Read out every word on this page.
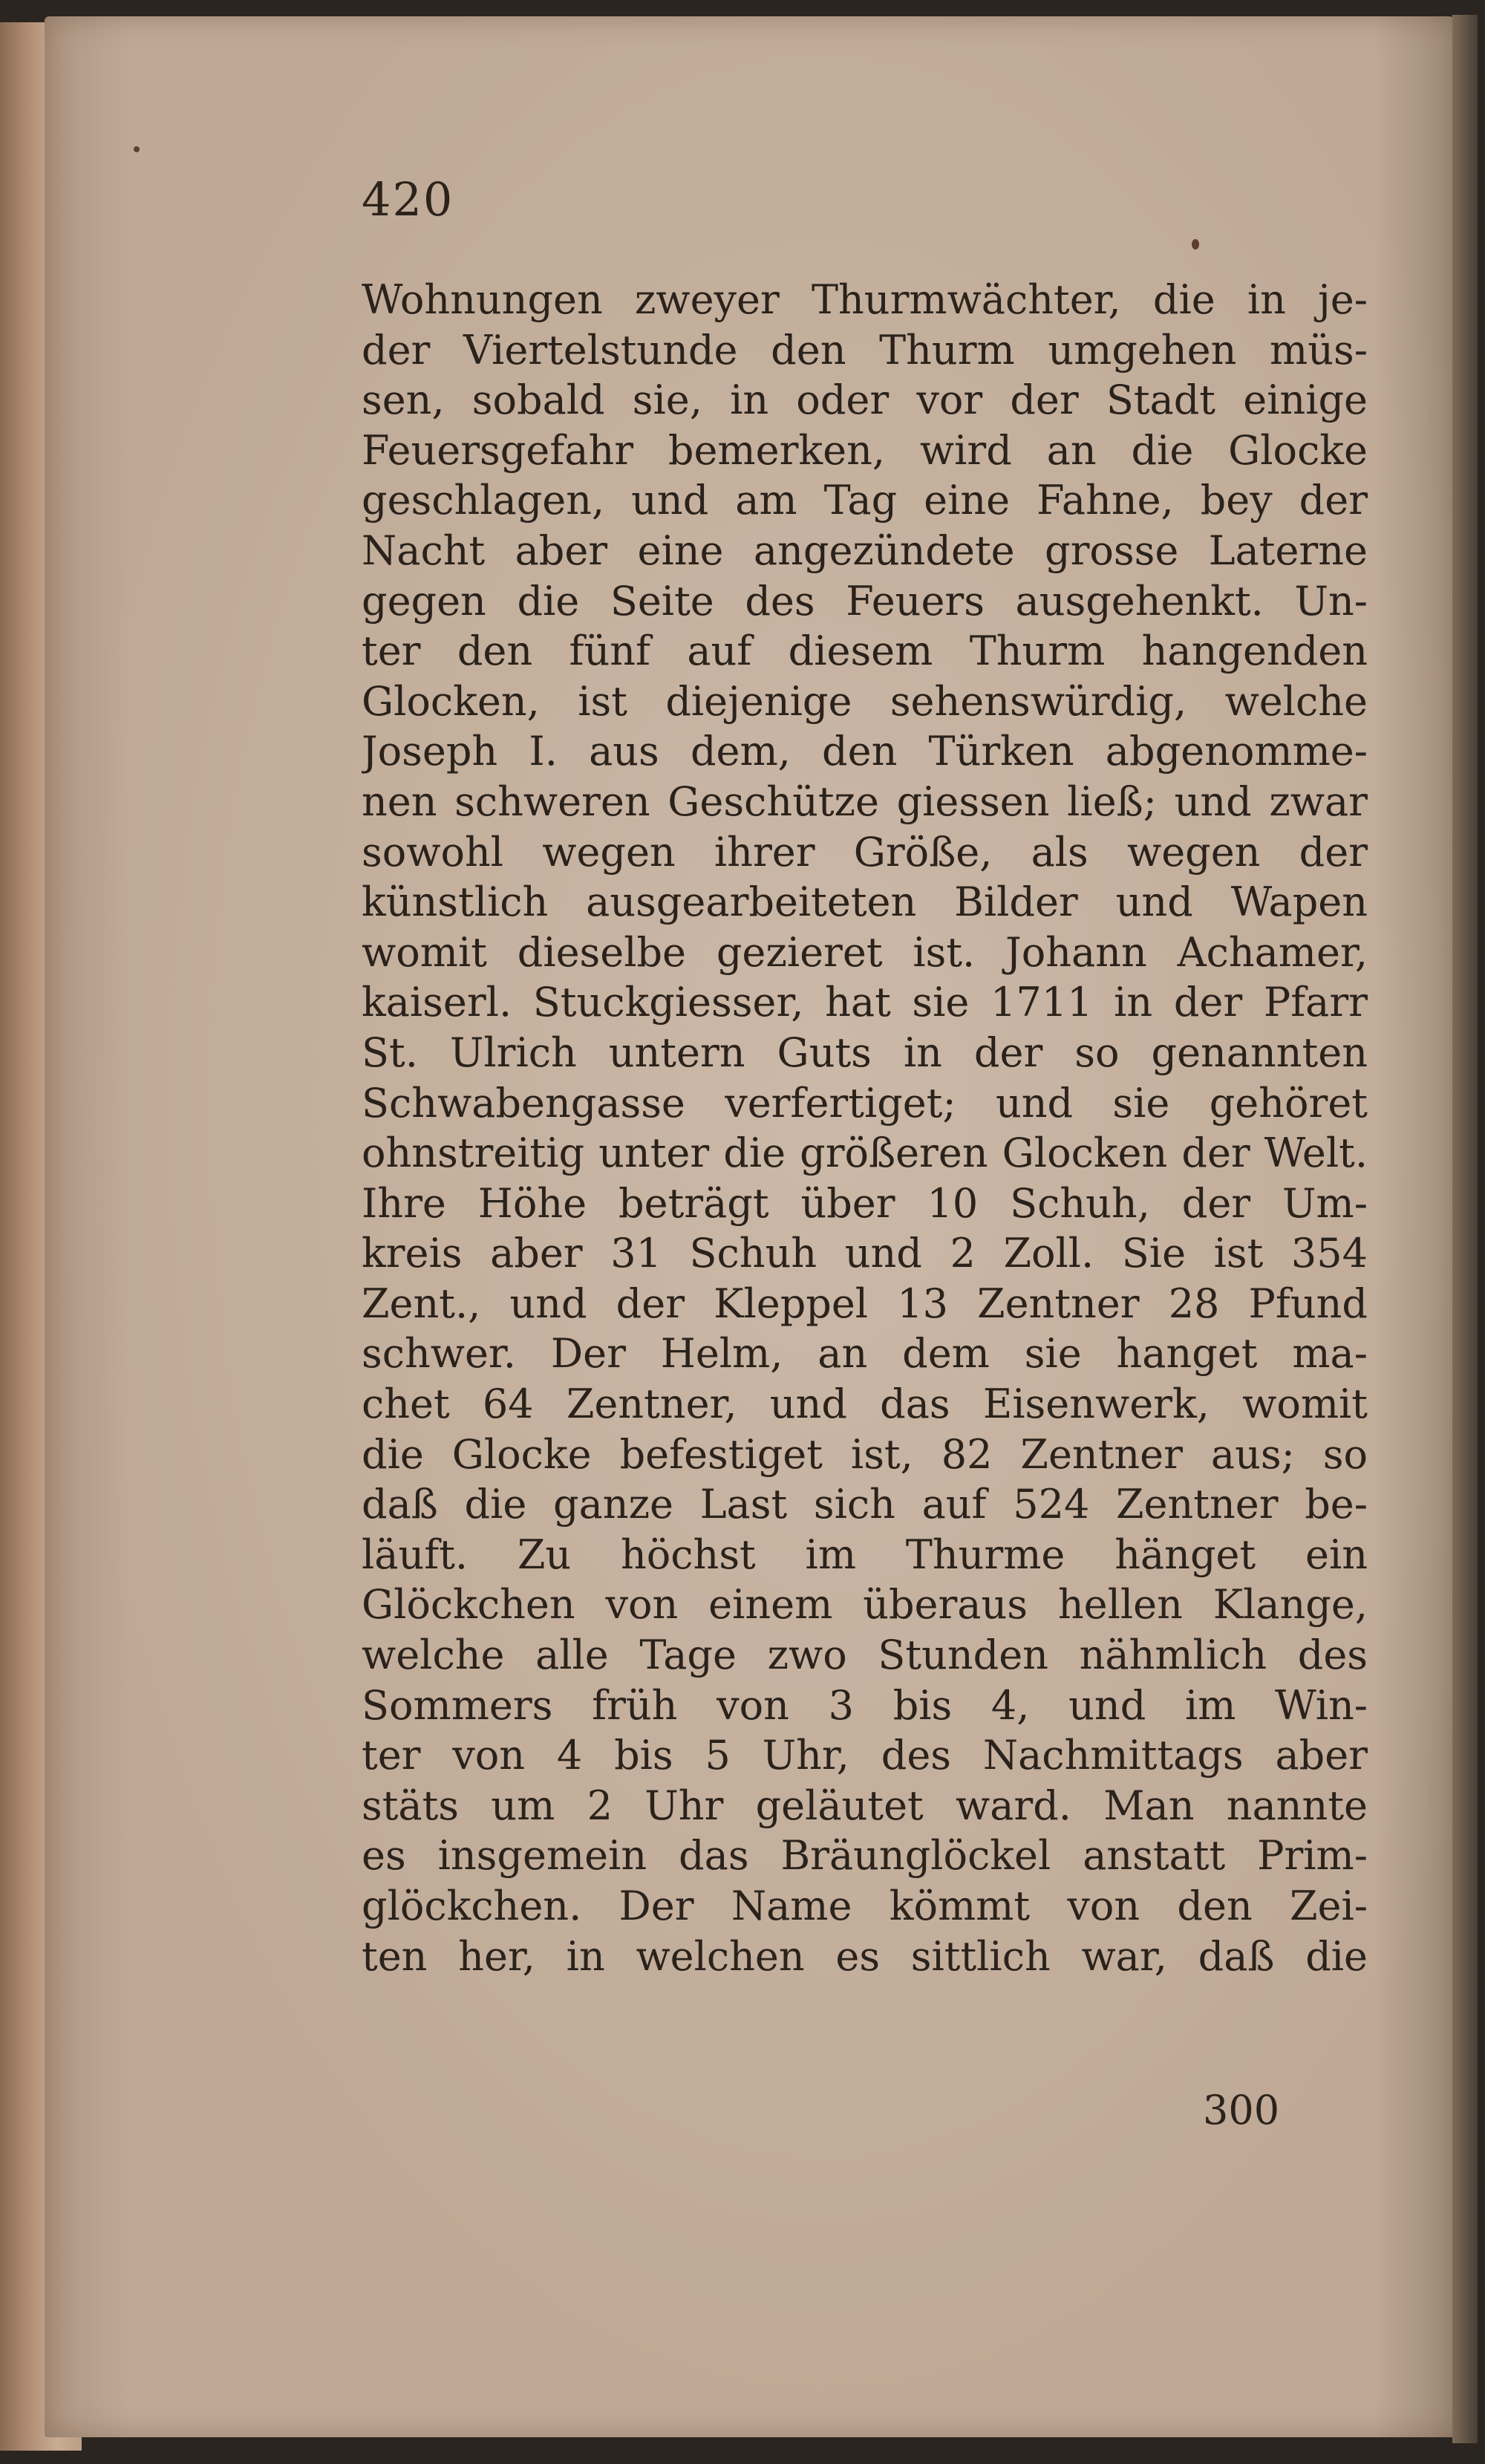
420
Wohnungen zweyer Thurmwächter, die in je-
der Viertelstunde den Thurm umgehen müs-
sen, sobald sie, in oder vor der Stadt einige
Feuersgefahr bemerken, wird an die Glocke
geschlagen, und am Tag eine Fahne, bey der
Nacht aber eine angezündete grosse Laterne
gegen die Seite des Feuers ausgehenkt. Un-
ter den fünf auf diesem Thurm hangenden
Glocken, ist diejenige sehenswürdig, welche
Joseph I. aus dem, den Türken abgenomme-
nen schweren Geschütze giessen ließ; und zwar
sowohl wegen ihrer Größe, als wegen der
künstlich ausgearbeiteten Bilder und Wapen
womit dieselbe gezieret ist. Johann Achamer,
kaiserl. Stuckgiesser, hat sie 1711 in der Pfarr
St. Ulrich untern Guts in der so genannten
Schwabengasse verfertiget; und sie gehöret
ohnstreitig unter die größeren Glocken der Welt.
Ihre Höhe beträgt über 10 Schuh, der Um-
kreis aber 31 Schuh und 2 Zoll. Sie ist 354
Zent., und der Kleppel 13 Zentner 28 Pfund
schwer. Der Helm, an dem sie hanget ma-
chet 64 Zentner, und das Eisenwerk, womit
die Glocke befestiget ist, 82 Zentner aus; so
daß die ganze Last sich auf 524 Zentner be-
läuft. Zu höchst im Thurme hänget ein
Glöckchen von einem überaus hellen Klange,
welche alle Tage zwo Stunden nähmlich des
Sommers früh von 3 bis 4, und im Win-
ter von 4 bis 5 Uhr, des Nachmittags aber
stäts um 2 Uhr geläutet ward. Man nannte
es insgemein das Bräunglöckel anstatt Prim-
glöckchen. Der Name kömmt von den Zei-
ten her, in welchen es sittlich war, daß die
300
